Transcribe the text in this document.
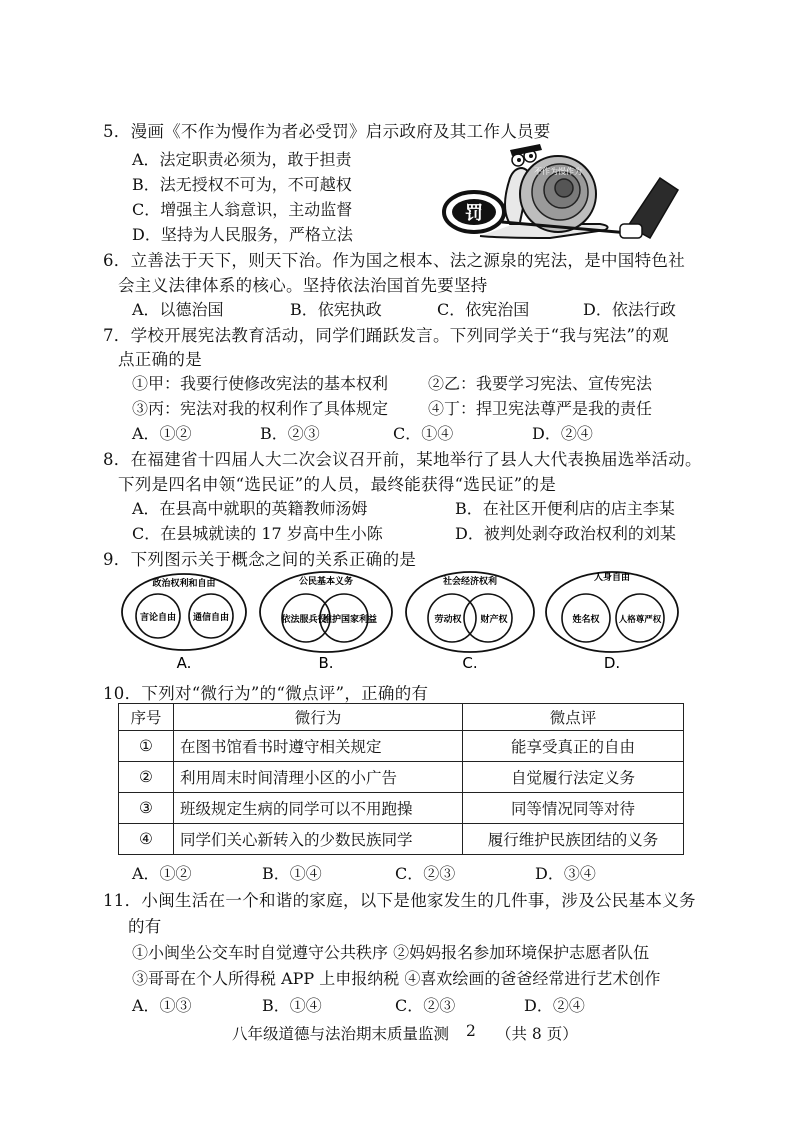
5．漫画《不作为慢作为者必受罚》启示政府及其工作人员要
A．法定职责必须为，敢于担责
B．法无授权不可为，不可越权
C．增强主人翁意识，主动监督
D．坚持为人民服务，严格立法
不作为慢作为
罚
6．立善法于天下，则天下治。作为国之根本、法之源泉的宪法，是中国特色社
会主义法律体系的核心。坚持依法治国首先要坚持
A．以德治国	B．依宪执政	C．依宪治国	D．依法行政
7．学校开展宪法教育活动，同学们踊跃发言。下列同学关于“我与宪法”的观
点正确的是
①甲：我要行使修改宪法的基本权利 ②乙：我要学习宪法、宣传宪法
③丙：宪法对我的权利作了具体规定 ④丁：捍卫宪法尊严是我的责任
A．①②	B．②③	C．①④	D．②④
8．在福建省十四届人大二次会议召开前，某地举行了县人大代表换届选举活动。
下列是四名申领“选民证”的人员，最终能获得“选民证”的是
A．在县高中就职的英籍教师汤姆	B．在社区开便利店的店主李某
C．在县城就读的 17 岁高中生小陈	D．被判处剥夺政治权利的刘某
9．下列图示关于概念之间的关系正确的是
政治权利和自由
言论自由 通信自由
A.
公民基本义务
依法服兵役
维护国家利益
B.
社会经济权利
劳动权 财产权
C.
人身自由
姓名权 人格尊严权
D.
10．下列对“微行为”的“微点评”，正确的有
序号	微行为	微点评
①	在图书馆看书时遵守相关规定	能享受真正的自由
②	利用周末时间清理小区的小广告	自觉履行法定义务
③	班级规定生病的同学可以不用跑操	同等情况同等对待
④	同学们关心新转入的少数民族同学	履行维护民族团结的义务
A．①②	B．①④	C．②③	D．③④
11．小闽生活在一个和谐的家庭，以下是他家发生的几件事，涉及公民基本义务
的有
①小闽坐公交车时自觉遵守公共秩序 ②妈妈报名参加环境保护志愿者队伍
③哥哥在个人所得税 APP 上申报纳税 ④喜欢绘画的爸爸经常进行艺术创作
A．①③	B．①④	C．②③	D．②④
八年级道德与法治期末质量监测 2 （共 8 页）
